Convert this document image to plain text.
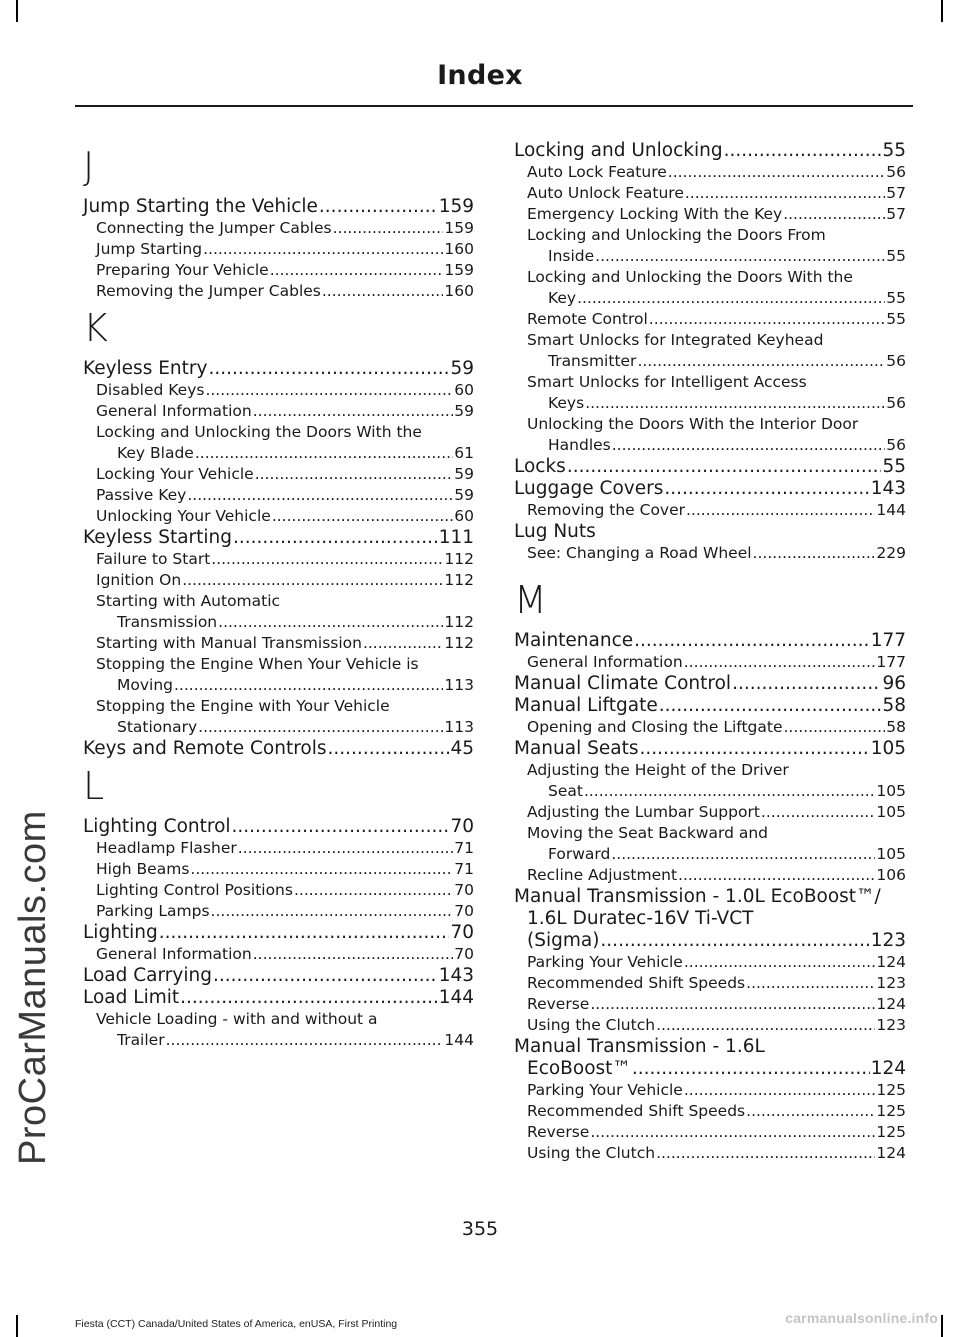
Index
ProCarManuals.com
J
Jump Starting the Vehicle .....	159
Connecting the Jumper Cables .....	159
Jump Starting .....	160
Preparing Your Vehicle .....	159
Removing the Jumper Cables .....	160
K
Keyless Entry .....	59
Disabled Keys .....	60
General Information .....	59
Locking and Unlocking the Doors With the
Key Blade .....	61
Locking Your Vehicle .....	59
Passive Key .....	59
Unlocking Your Vehicle .....	60
Keyless Starting .....	111
Failure to Start .....	112
Ignition On .....	112
Starting with Automatic
Transmission .....	112
Starting with Manual Transmission .....	112
Stopping the Engine When Your Vehicle is
Moving .....	113
Stopping the Engine with Your Vehicle
Stationary .....	113
Keys and Remote Controls .....	45
L
Lighting Control .....	70
Headlamp Flasher .....	71
High Beams .....	71
Lighting Control Positions .....	70
Parking Lamps .....	70
Lighting .....	70
General Information .....	70
Load Carrying .....	143
Load Limit .....	144
Vehicle Loading - with and without a
Trailer .....	144
Locking and Unlocking .....	55
Auto Lock Feature .....	56
Auto Unlock Feature .....	57
Emergency Locking With the Key .....	57
Locking and Unlocking the Doors From
Inside .....	55
Locking and Unlocking the Doors With the
Key .....	55
Remote Control .....	55
Smart Unlocks for Integrated Keyhead
Transmitter .....	56
Smart Unlocks for Intelligent Access
Keys .....	56
Unlocking the Doors With the Interior Door
Handles .....	56
Locks .....	55
Luggage Covers .....	143
Removing the Cover .....	144
Lug Nuts
See: Changing a Road Wheel .....	229
M
Maintenance .....	177
General Information .....	177
Manual Climate Control .....	96
Manual Liftgate .....	58
Opening and Closing the Liftgate .....	58
Manual Seats .....	105
Adjusting the Height of the Driver
Seat .....	105
Adjusting the Lumbar Support .....	105
Moving the Seat Backward and
Forward .....	105
Recline Adjustment .....	106
Manual Transmission - 1.0L EcoBoost™/
1.6L Duratec-16V Ti-VCT
(Sigma) .....	123
Parking Your Vehicle .....	124
Recommended Shift Speeds .....	123
Reverse .....	124
Using the Clutch .....	123
Manual Transmission - 1.6L
EcoBoost™ .....	124
Parking Your Vehicle .....	125
Recommended Shift Speeds .....	125
Reverse .....	125
Using the Clutch .....	124
355
Fiesta (CCT) Canada/United States of America, enUSA, First Printing	carmanualsonline.info
